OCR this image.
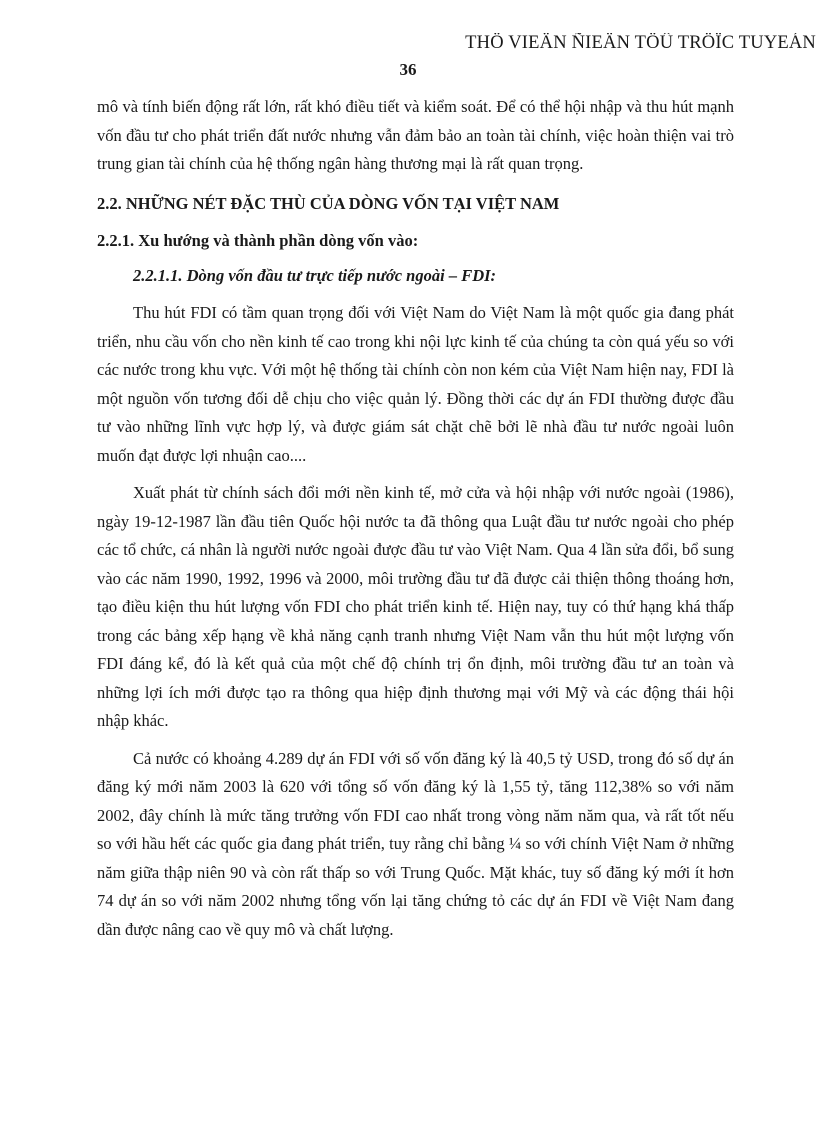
THÖ VIEÄN ÑIEÄN TÖÛ TRÖÏC TUYEÁN
36

mô và tính biến động rất lớn, rất khó điều tiết và kiểm soát. Để có thể hội nhập và thu hút mạnh vốn đầu tư cho phát triển đất nước nhưng vẫn đảm bảo an toàn tài chính, việc hoàn thiện vai trò trung gian tài chính của hệ thống ngân hàng thương mại là rất quan trọng.

2.2. NHỮNG NÉT ĐẶC THÙ CỦA DÒNG VỐN TẠI VIỆT NAM
2.2.1. Xu hướng và thành phần dòng vốn vào:
2.2.1.1. Dòng vốn đầu tư trực tiếp nước ngoài – FDI:

Thu hút FDI có tầm quan trọng đối với Việt Nam do Việt Nam là một quốc gia đang phát triển, nhu cầu vốn cho nền kinh tế cao trong khi nội lực kinh tế của chúng ta còn quá yếu so với các nước trong khu vực. Với một hệ thống tài chính còn non kém của Việt Nam hiện nay, FDI là một nguồn vốn tương đối dễ chịu cho việc quản lý. Đồng thời các dự án FDI thường được đầu tư vào những lĩnh vực hợp lý, và được giám sát chặt chẽ bởi lẽ nhà đầu tư nước ngoài luôn muốn đạt được lợi nhuận cao....

Xuất phát từ chính sách đổi mới nền kinh tế, mở cửa và hội nhập với nước ngoài (1986), ngày 19-12-1987 lần đầu tiên Quốc hội nước ta đã thông qua Luật đầu tư nước ngoài cho phép các tổ chức, cá nhân là người nước ngoài được đầu tư vào Việt Nam. Qua 4 lần sửa đổi, bổ sung vào các năm 1990, 1992, 1996 và 2000, môi trường đầu tư đã được cải thiện thông thoáng hơn, tạo điều kiện thu hút lượng vốn FDI cho phát triển kinh tế. Hiện nay, tuy có thứ hạng khá thấp trong các bảng xếp hạng về khả năng cạnh tranh nhưng Việt Nam vẫn thu hút một lượng vốn FDI đáng kể, đó là kết quả của một chế độ chính trị ổn định, môi trường đầu tư an toàn và những lợi ích mới được tạo ra thông qua hiệp định thương mại với Mỹ và các động thái hội nhập khác.

Cả nước có khoảng 4.289 dự án FDI với số vốn đăng ký là 40,5 tỷ USD, trong đó số dự án đăng ký mới năm 2003 là 620 với tổng số vốn đăng ký là 1,55 tỷ, tăng 112,38% so với năm 2002, đây chính là mức tăng trưởng vốn FDI cao nhất trong vòng năm năm qua, và rất tốt nếu so với hầu hết các quốc gia đang phát triển, tuy rằng chỉ bằng ¼ so với chính Việt Nam ở những năm giữa thập niên 90 và còn rất thấp so với Trung Quốc. Mặt khác, tuy số đăng ký mới ít hơn 74 dự án so với năm 2002 nhưng tổng vốn lại tăng chứng tỏ các dự án FDI về Việt Nam đang dần được nâng cao về quy mô và chất lượng.
